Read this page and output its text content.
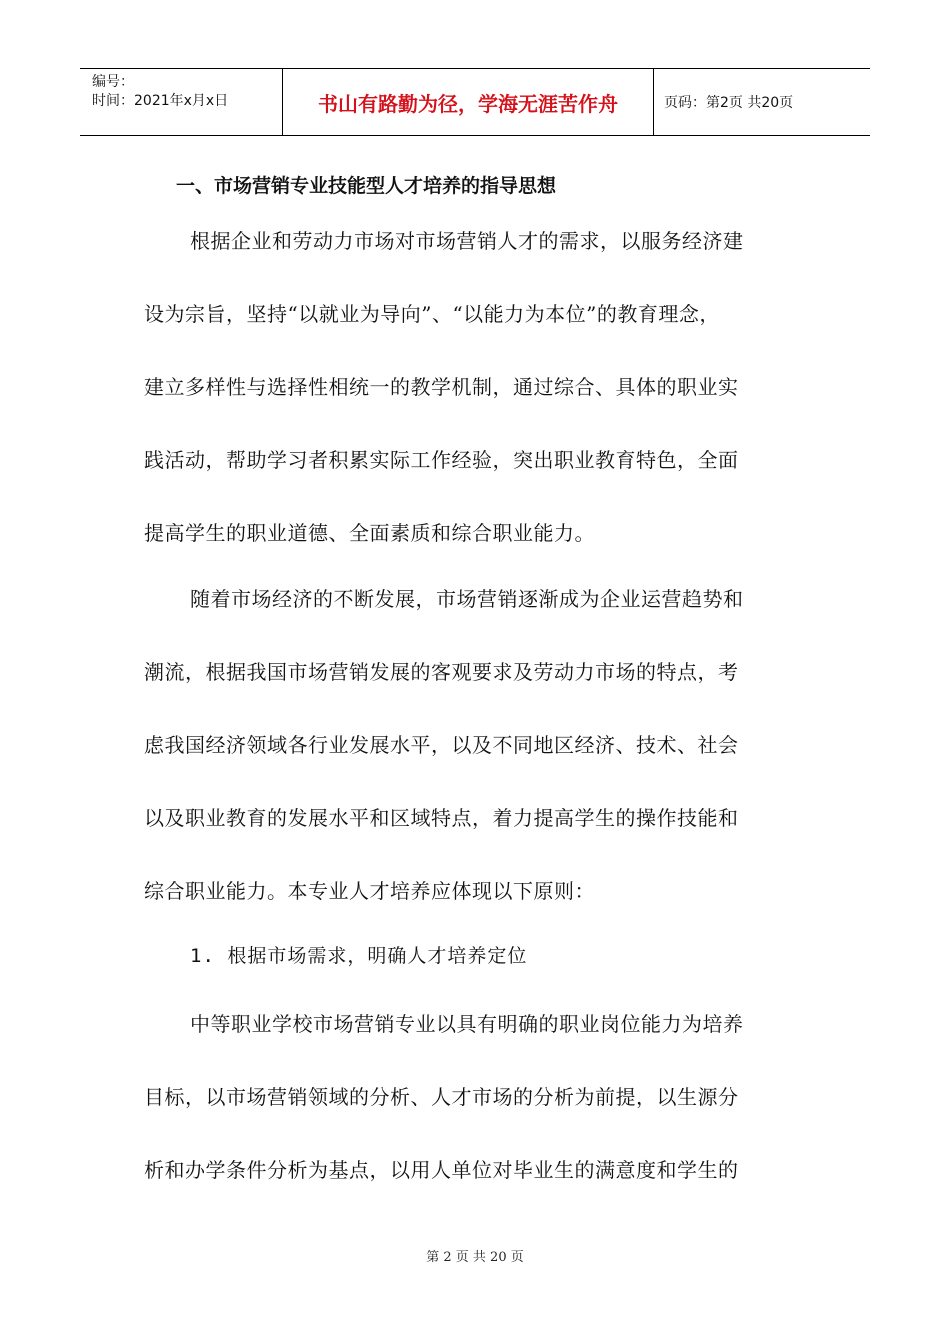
编号：
时间：2021年x月x日	书山有路勤为径，学海无涯苦作舟	页码：第2页 共20页
一、市场营销专业技能型人才培养的指导思想
根据企业和劳动力市场对市场营销人才的需求，以服务经济建
设为宗旨，坚持“以就业为导向”、“以能力为本位”的教育理念，
建立多样性与选择性相统一的教学机制，通过综合、具体的职业实
践活动，帮助学习者积累实际工作经验，突出职业教育特色，全面
提高学生的职业道德、全面素质和综合职业能力。
随着市场经济的不断发展，市场营销逐渐成为企业运营趋势和
潮流，根据我国市场营销发展的客观要求及劳动力市场的特点，考
虑我国经济领域各行业发展水平，以及不同地区经济、技术、社会
以及职业教育的发展水平和区域特点，着力提高学生的操作技能和
综合职业能力。本专业人才培养应体现以下原则：
1. 根据市场需求，明确人才培养定位
中等职业学校市场营销专业以具有明确的职业岗位能力为培养
目标，以市场营销领域的分析、人才市场的分析为前提，以生源分
析和办学条件分析为基点，以用人单位对毕业生的满意度和学生的
第 2 页 共 20 页
